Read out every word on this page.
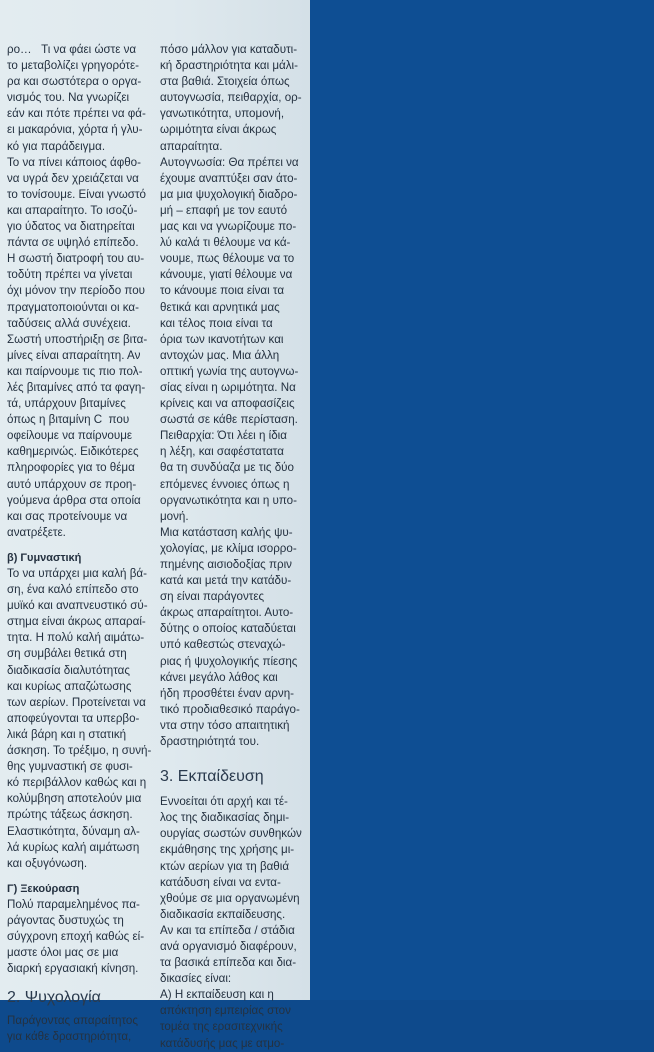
ρο…   Τι να φάει ώστε να

το μεταβολίζει γρηγορότε-

ρα και σωστότερα ο οργα-

νισμός του. Να γνωρίζει

εάν και πότε πρέπει να φά-

ει μακαρόνια, χόρτα ή γλυ-

κό για παράδειγμα.

Το να πίνει κάποιος άφθο-

να υγρά δεν χρειάζεται να

το τονίσουμε. Είναι γνωστό

και απαραίτητο. Το ισοζύ-

γιο ύδατος να διατηρείται

πάντα σε υψηλό επίπεδο.

Η σωστή διατροφή του αυ-

τοδύτη πρέπει να γίνεται

όχι μόνον την περίοδο που

πραγματοποιούνται οι κα-

ταδύσεις αλλά συνέχεια.

Σωστή υποστήριξη σε βιτα-

μίνες είναι απαραίτητη. Αν

και παίρνουμε τις πιο πολ-

λές βιταμίνες από τα φαγη-

τά, υπάρχουν βιταμίνες

όπως η βιταμίνη C  που

οφείλουμε να παίρνουμε

καθημερινώς. Ειδικότερες

πληροφορίες για το θέμα

αυτό υπάρχουν σε προη-

γούμενα άρθρα στα οποία

και σας προτείνουμε να

ανατρέξετε.

β) Γυμναστική

Το να υπάρχει μια καλή βά-

ση, ένα καλό επίπεδο στο

μυϊκό και αναπνευστικό σύ-

στημα είναι άκρως απαραί-

τητα. Η πολύ καλή αιμάτω-

ση συμβάλει θετικά στη

διαδικασία διαλυτότητας

και κυρίως απαζώτωσης

των αερίων. Προτείνεται να

αποφεύγονται τα υπερβο-

λικά βάρη και η στατική

άσκηση. Το τρέξιμο, η συνή-

θης γυμναστική σε φυσι-

κό περιβάλλον καθώς και η

κολύμβηση αποτελούν μια

πρώτης τάξεως άσκηση.

Ελαστικότητα, δύναμη αλ-

λά κυρίως καλή αιμάτωση

και οξυγόνωση.

Γ) Ξεκούραση

Πολύ παραμελημένος πα-

ράγοντας δυστυχώς τη

σύγχρονη εποχή καθώς εί-

μαστε όλοι μας σε μια

διαρκή εργασιακή κίνηση.

2. Ψυχολογία

Παράγοντας απαραίτητος

για κάθε δραστηριότητα,

πόσο μάλλον για καταδυτι-

κή δραστηριότητα και μάλι-

στα βαθιά. Στοιχεία όπως

αυτογνωσία, πειθαρχία, ορ-

γανωτικότητα, υπομονή,

ωριμότητα είναι άκρως

απαραίτητα.

Αυτογνωσία: Θα πρέπει να

έχουμε αναπτύξει σαν άτο-

μα μια ψυχολογική διαδρο-

μή – επαφή με τον εαυτό

μας και να γνωρίζουμε πο-

λύ καλά τι θέλουμε να κά-

νουμε, πως θέλουμε να το

κάνουμε, γιατί θέλουμε να

το κάνουμε ποια είναι τα

θετικά και αρνητικά μας

και τέλος ποια είναι τα

όρια των ικανοτήτων και

αντοχών μας. Μια άλλη

οπτική γωνία της αυτογνω-

σίας είναι η ωριμότητα. Να

κρίνεις και να αποφασίζεις

σωστά σε κάθε περίσταση.

Πειθαρχία: Ότι λέει η ίδια

η λέξη, και σαφέστατατα

θα τη συνδύαζα με τις δύο

επόμενες έννοιες όπως η

οργανωτικότητα και η υπο-

μονή.

Μια κατάσταση καλής ψυ-

χολογίας, με κλίμα ισορρο-

πημένης αισιοδοξίας πριν

κατά και μετά την κατάδυ-

ση είναι παράγοντες

άκρως απαραίτητοι. Αυτο-

δύτης ο οποίος καταδύεται

υπό καθεστώς στεναχώ-

ριας ή ψυχολογικής πίεσης

κάνει μεγάλο λάθος και

ήδη προσθέτει έναν αρνη-

τικό προδιαθεσικό παράγο-

ντα στην τόσο απαιτητική

δραστηριότητά του.

3. Εκπαίδευση

Εννοείται ότι αρχή και τέ-

λος της διαδικασίας δημι-

ουργίας σωστών συνθηκών

εκμάθησης της χρήσης μι-

κτών αερίων για τη βαθιά

κατάδυση είναι να εντα-

χθούμε σε μια οργανωμένη

διαδικασία εκπαίδευσης.

Αν και τα επίπεδα / στάδια

ανά οργανισμό διαφέρουν,

τα βασικά επίπεδα και δια-

δικασίες είναι:

A) Η εκπαίδευση και η

απόκτηση εμπειρίας στον

τομέα της ερασιτεχνικής

κατάδυσής μας με ατμο-
